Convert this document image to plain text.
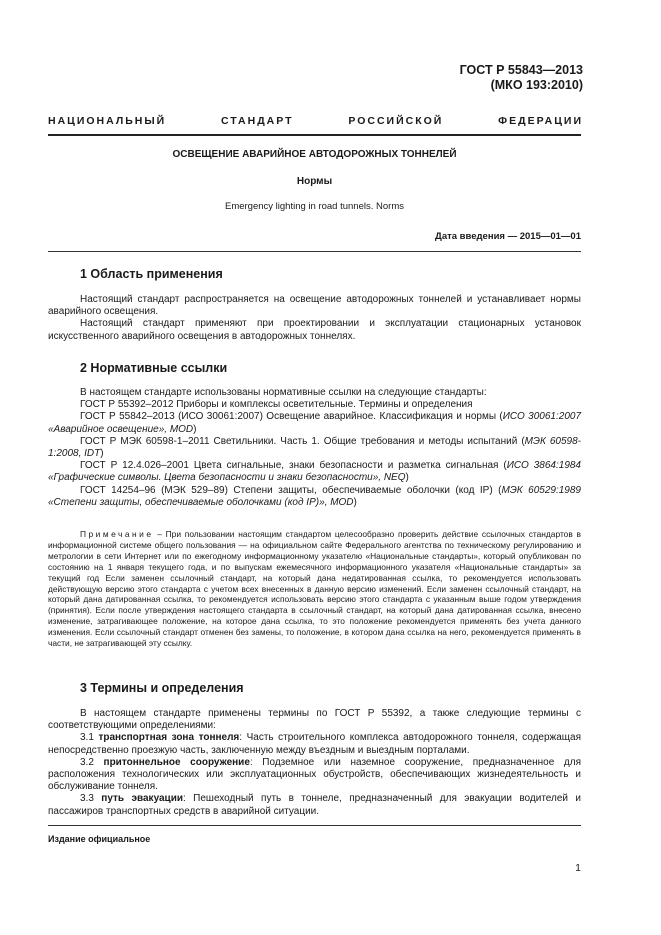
ГОСТ Р 55843—2013
(МКО 193:2010)
НАЦИОНАЛЬНЫЙ СТАНДАРТ РОССИЙСКОЙ ФЕДЕРАЦИИ
ОСВЕЩЕНИЕ АВАРИЙНОЕ АВТОДОРОЖНЫХ ТОННЕЛЕЙ
Нормы
Emergency lighting in road tunnels. Norms
Дата введения — 2015—01—01
1 Область применения

Настоящий стандарт распространяется на освещение автодорожных тоннелей и устанавливает нормы аварийного освещения.

Настоящий стандарт применяют при проектировании и эксплуатации стационарных установок искусственного аварийного освещения в автодорожных тоннелях.

2 Нормативные ссылки

В настоящем стандарте использованы нормативные ссылки на следующие стандарты:

ГОСТ Р 55392–2012 Приборы и комплексы осветительные. Термины и определения

ГОСТ Р 55842–2013 (ИСО 30061:2007) Освещение аварийное. Классификация и нормы (ИСО 30061:2007 «Аварийное освещение», MOD)

ГОСТ Р МЭК 60598-1–2011 Светильники. Часть 1. Общие требования и методы испытаний (МЭК 60598-1:2008, IDT)

ГОСТ Р 12.4.026–2001 Цвета сигнальные, знаки безопасности и разметка сигнальная (ИСО 3864:1984 «Графические символы. Цвета безопасности и знаки безопасности», NEQ)

ГОСТ 14254–96 (МЭК 529–89) Степени защиты, обеспечиваемые оболочки (код IP) (МЭК 60529:1989 «Степени защиты, обеспечиваемые оболочками (код IP)», MOD)

Примечание – При пользовании настоящим стандартом целесообразно проверить действие ссылочных стандартов в информационной системе общего пользования — на официальном сайте Федерального агентства по техническому регулированию и метрологии в сети Интернет или по ежегодному информационному указателю «Национальные стандарты», который опубликован по состоянию на 1 января текущего года, и по выпускам ежемесячного информационного указателя «Национальные стандарты» за текущий год Если заменен ссылочный стандарт, на который дана недатированная ссылка, то рекомендуется использовать действующую версию этого стандарта с учетом всех внесенных в данную версию изменений. Если заменен ссылочный стандарт, на который дана датированная ссылка, то рекомендуется использовать версию этого стандарта с указанным выше годом утверждения (принятия). Если после утверждения настоящего стандарта в ссылочный стандарт, на который дана датированная ссылка, внесено изменение, затрагивающее положение, на которое дана ссылка, то это положение рекомендуется применять без учета данного изменения. Если ссылочный стандарт отменен без замены, то положение, в котором дана ссылка на него, рекомендуется применять в части, не затрагивающей эту ссылку.

3 Термины и определения

В настоящем стандарте применены термины по ГОСТ Р 55392, а также следующие термины с соответствующими определениями:

3.1 транспортная зона тоннеля: Часть строительного комплекса автодорожного тоннеля, содержащая непосредственно проезжую часть, заключенную между въездным и выездным порталами.

3.2 притоннельное сооружение: Подземное или наземное сооружение, предназначенное для расположения технологических или эксплуатационных обустройств, обеспечивающих жизнедеятельность и обслуживание тоннеля.

3.3 путь эвакуации: Пешеходный путь в тоннеле, предназначенный для эвакуации водителей и пассажиров транспортных средств в аварийной ситуации.

Издание официальное
1
